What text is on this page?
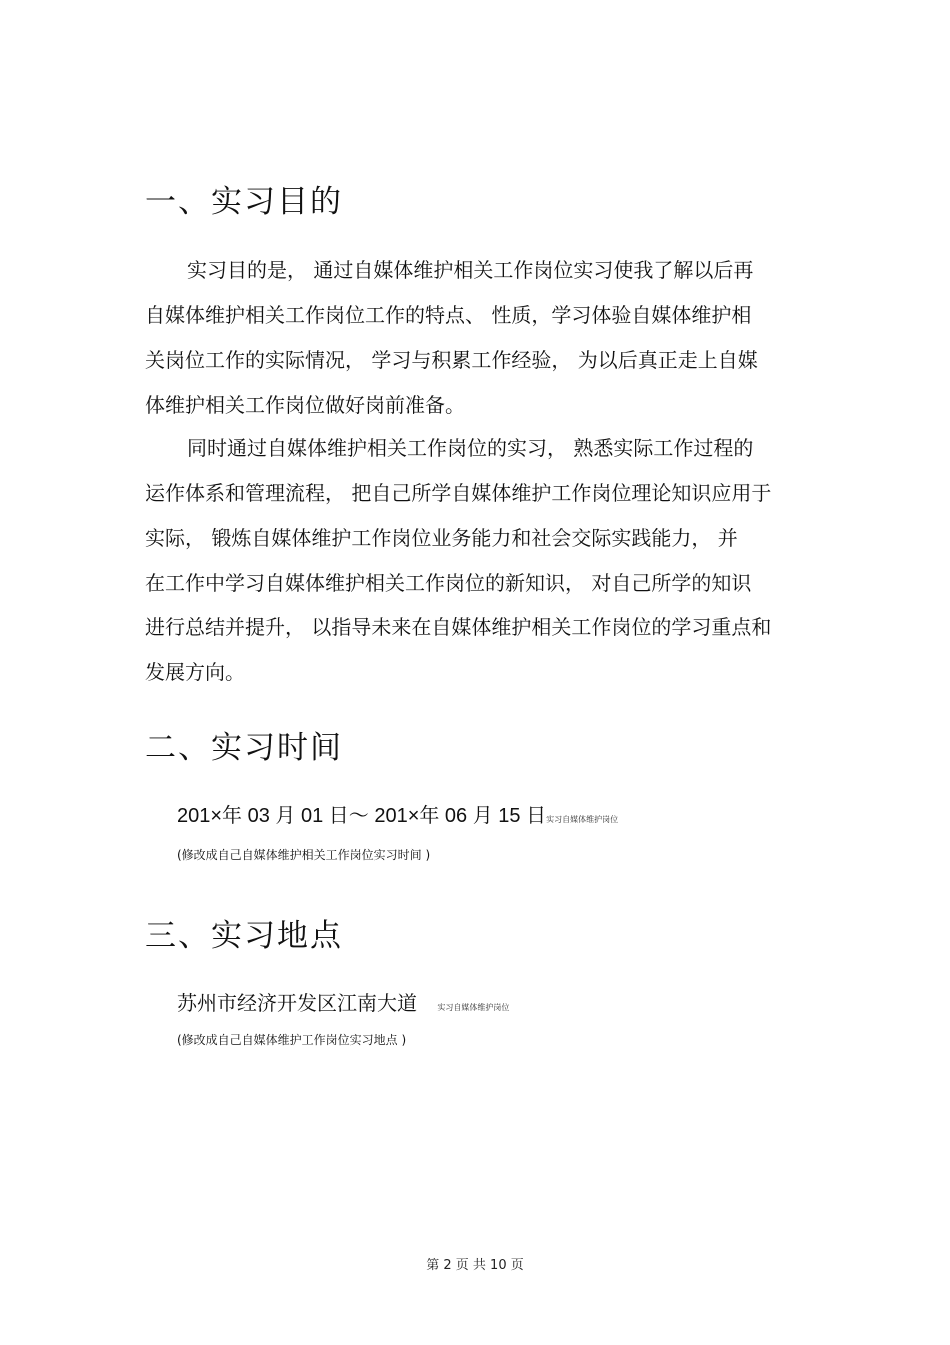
一、实习目的

实习目的是， 通过自媒体维护相关工作岗位实习使我了解以后再

自媒体维护相关工作岗位工作的特点、 性质，学习体验自媒体维护相

关岗位工作的实际情况， 学习与积累工作经验， 为以后真正走上自媒

体维护相关工作岗位做好岗前准备。

同时通过自媒体维护相关工作岗位的实习， 熟悉实际工作过程的

运作体系和管理流程， 把自己所学自媒体维护工作岗位理论知识应用于

实际， 锻炼自媒体维护工作岗位业务能力和社会交际实践能力， 并

在工作中学习自媒体维护相关工作岗位的新知识， 对自己所学的知识

进行总结并提升， 以指导未来在自媒体维护相关工作岗位的学习重点和

发展方向。

二、实习时间
201×年 03 月 01 日～ 201×年 06 月 15 日实习自媒体维护岗位
(修改成自己自媒体维护相关工作岗位实习时间 )
三、实习地点
苏州市经济开发区江南大道	实习自媒体维护岗位
(修改成自己自媒体维护工作岗位实习地点 )
第 2 页 共 10 页
